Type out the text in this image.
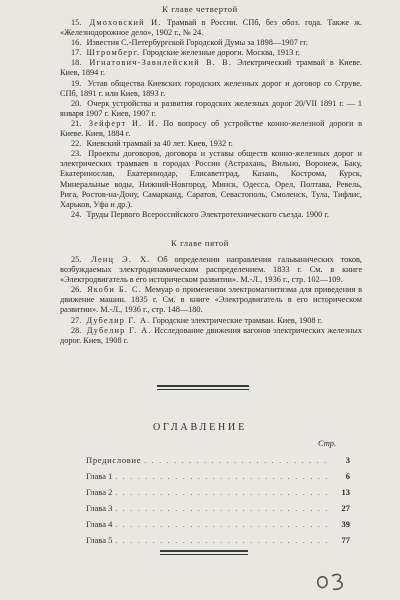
К главе четвертой

15. Дмоховский И. Трамвай в России. СПб, без обоз. года. Также ж. «Железнодорожное дело», 1902 г., № 24.

16. Известия С.-Петербургской Городской Думы за 1898—1907 гг.

17. Штромберг. Городские железные дороги. Москва, 1913 г.

18. Игнатович-Завилейский В. В. Электрический трамвай в Киеве. Киев, 1894 г.

19. Устав общества Киевских городских железных дорог и договор со Струве. СПб, 1891 г. или Киев, 1893 г.

20. Очерк устройства и развития городских железных дорог 20/VII 1891 г. — 1 января 1907 г. Киев, 1907 г.

21. Зейферт И. И. По вопросу об устройстве конно-железной дороги в Киеве. Киев, 1884 г.

22. Киевский трамвай за 40 лет. Киев, 1932 г.

23. Проекты договоров, договора и уставы обществ конно-железных дорог и электрических трамваев в городах России (Астрахань, Вильно, Воронеж, Баку, Екатеринослав, Екатеринодар, Елисаветград, Казань, Кострома, Курск, Минеральные воды, Нижний-Новгород, Минск, Одесса, Орел, Полтава, Ревель, Рига, Ростов-на-Дону, Самарканд, Саратов, Севастополь, Смоленск, Тула, Тифлис, Харьков, Уфа и др.).

24. Труды Первого Всероссийского Электротехнического съезда. 1900 г.

К главе пятой

25. Ленц Э. Х. Об определении направления гальванических токов, возбуждаемых электродинамическим распределением. 1833 г. См. в книге «Электродвигатель в его историческом развитии». М.-Л., 1936 г., стр. 102—109.

26. Якоби Б. С. Мемуар о применении электромагнитизма для приведения в движение машин. 1835 г. См. в книге «Электродвигатель в его историческом развитии». М.-Л., 1936 г., стр. 148—180.

27. Дубелир Г. А. Городские электрические трамваи. Киев, 1908 г.

28. Дубелир Г. А. Исследование движения вагонов электрических железных дорог. Киев, 1908 г.

ОГЛАВЛЕНИЕ
Стр.
Предисловие . . .	3
Глава 1 . . .	6
Глава 2 . . .	13
Глава 3 . . .	27
Глава 4 . . .	39
Глава 5 . . .	77
